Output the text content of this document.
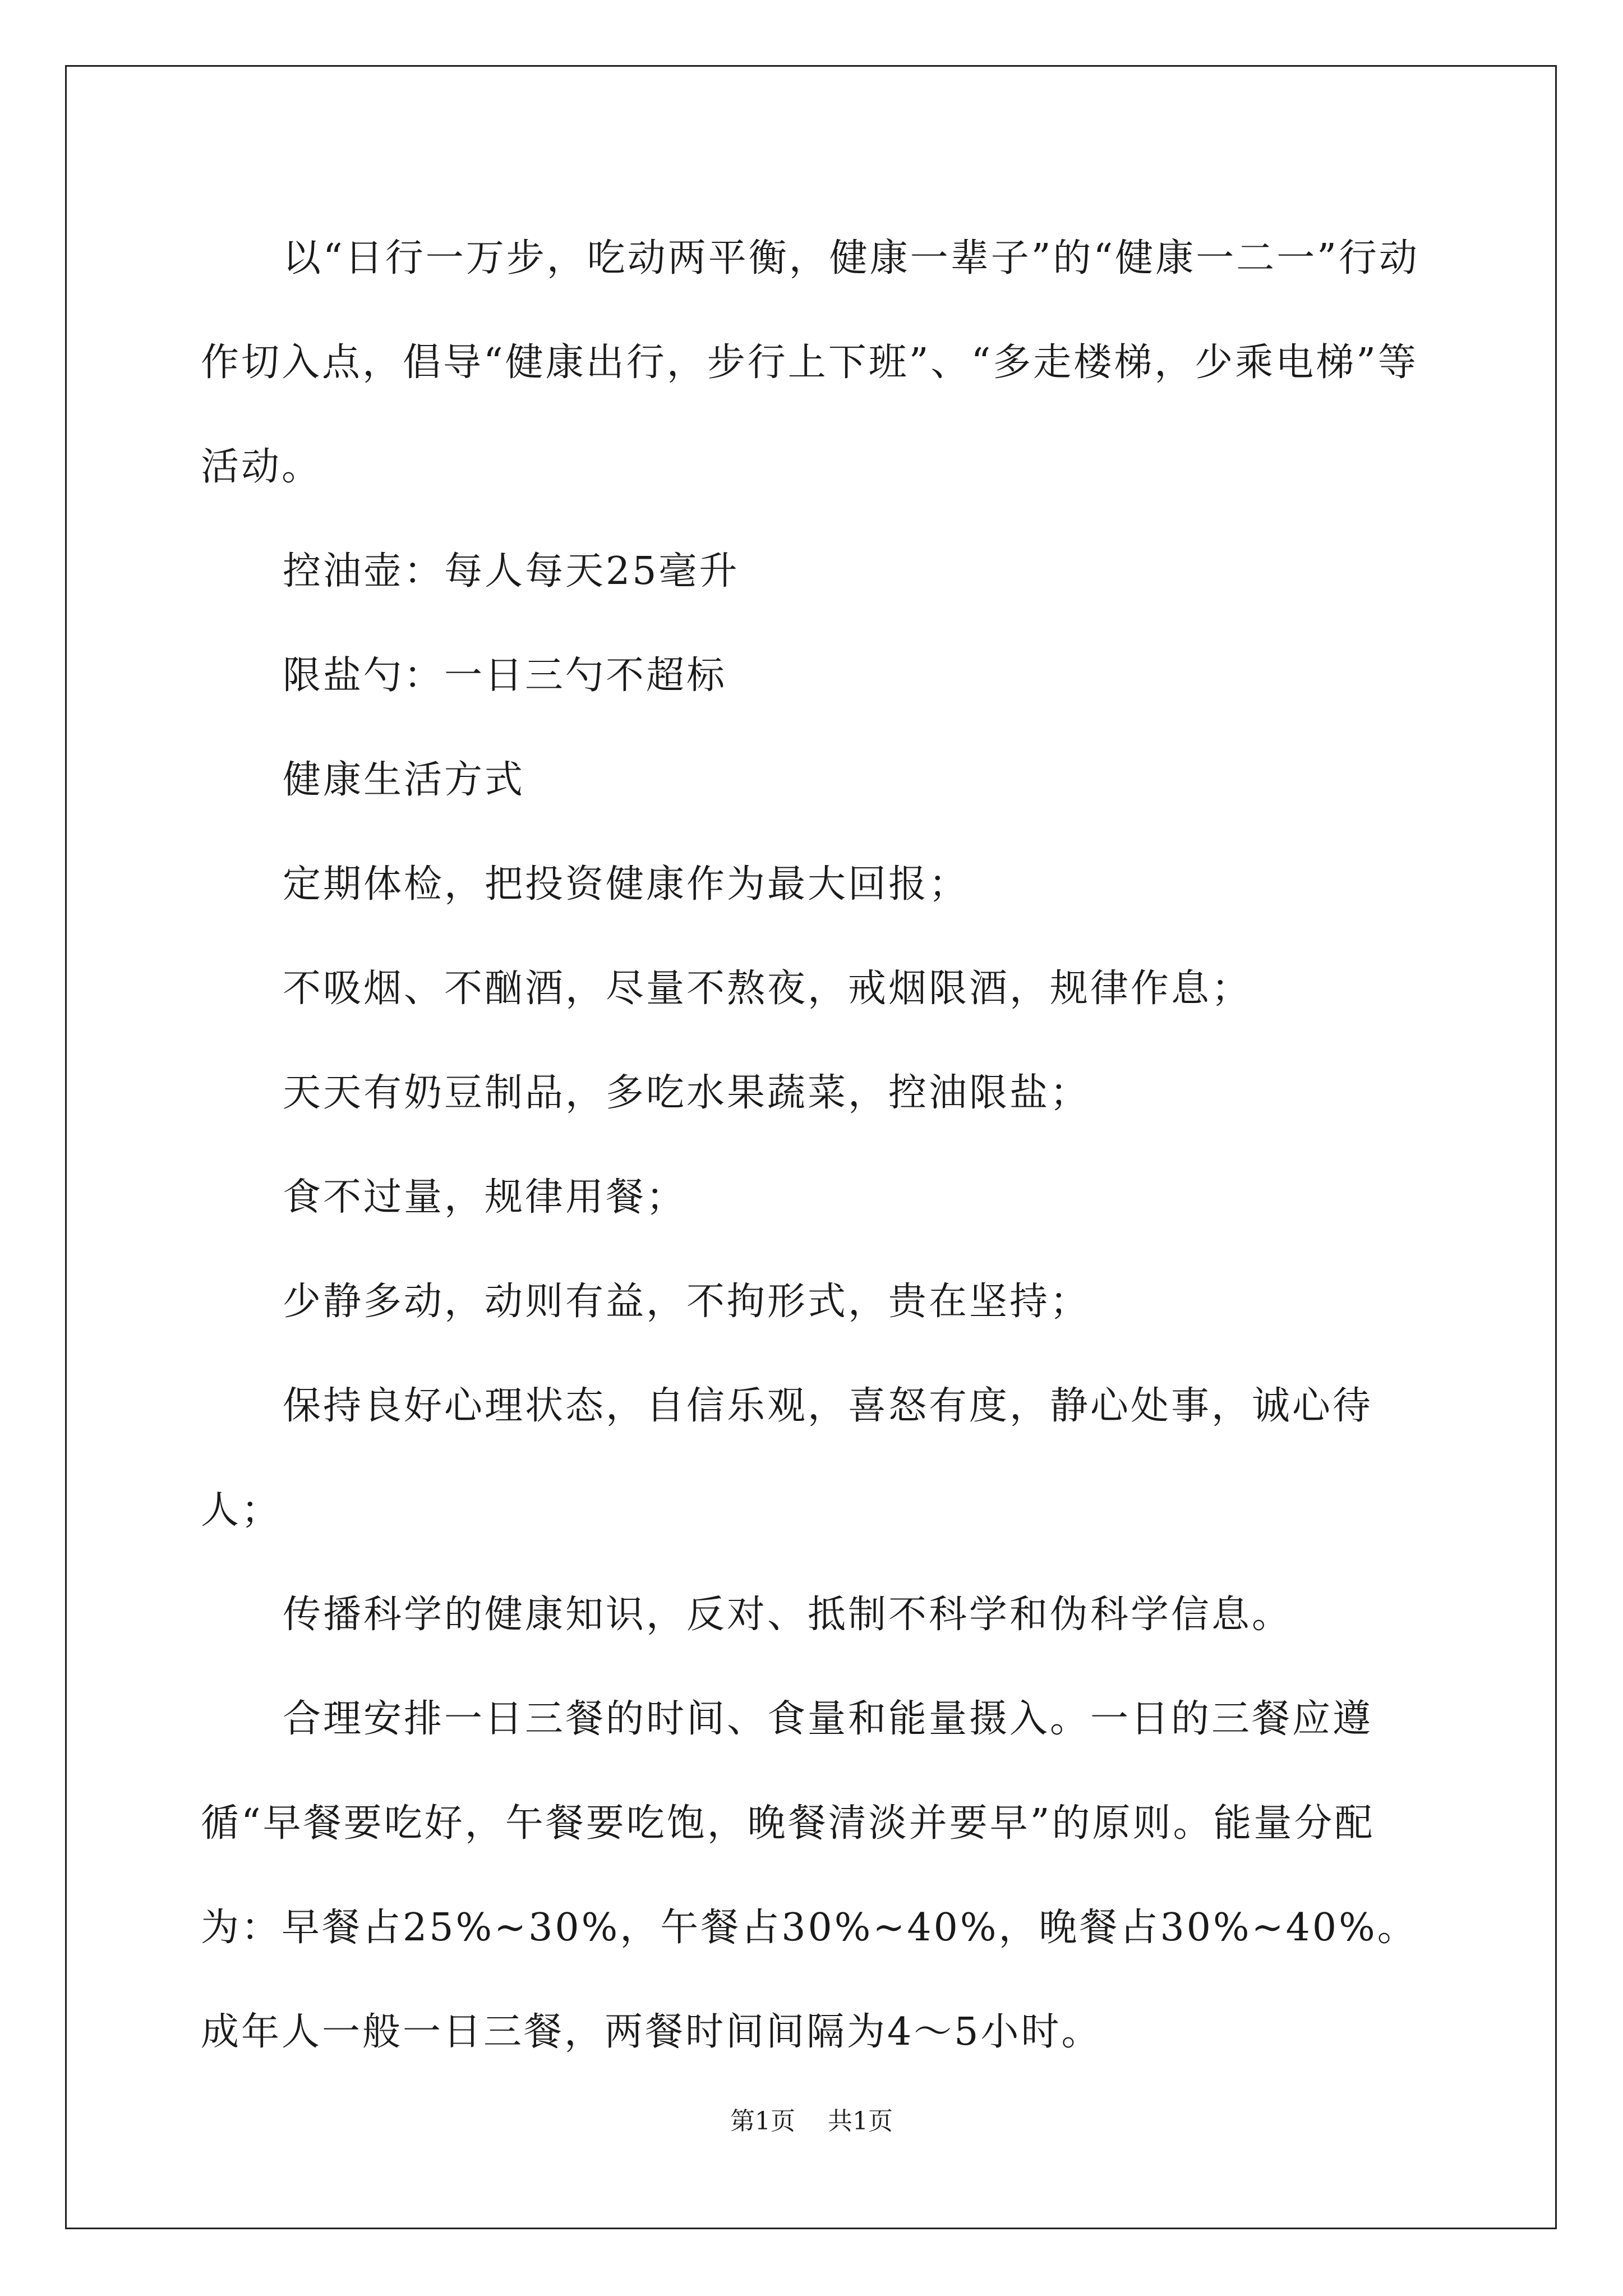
以“日行一万步，吃动两平衡，健康一辈子”的“健康一二一”行动作切入点，倡导“健康出行，步行上下班”、“多走楼梯，少乘电梯”等活动。

控油壶：每人每天25毫升

限盐勺：一日三勺不超标

健康生活方式

定期体检，把投资健康作为最大回报；

不吸烟、不酗酒，尽量不熬夜，戒烟限酒，规律作息；

天天有奶豆制品，多吃水果蔬菜，控油限盐；

食不过量，规律用餐；

少静多动，动则有益，不拘形式，贵在坚持；

保持良好心理状态，自信乐观，喜怒有度，静心处事，诚心待人；

传播科学的健康知识，反对、抵制不科学和伪科学信息。

合理安排一日三餐的时间、食量和能量摄入。一日的三餐应遵循“早餐要吃好，午餐要吃饱，晚餐清淡并要早”的原则。能量分配为：早餐占25%~30%，午餐占30%~40%，晚餐占30%~40%。成年人一般一日三餐，两餐时间间隔为4～5小时。

第1页 共1页
